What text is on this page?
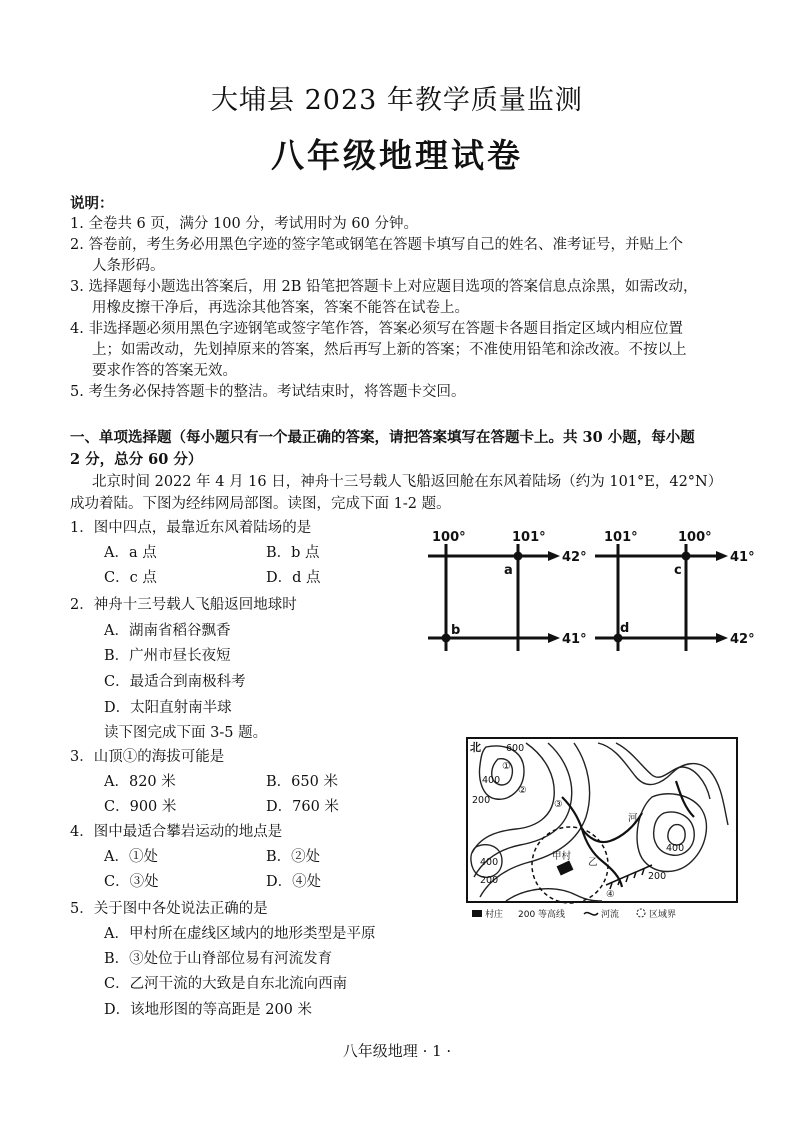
大埔县 2023 年教学质量监测
八年级地理试卷
说明：
1. 全卷共 6 页，满分 100 分，考试用时为 60 分钟。
2. 答卷前，考生务必用黑色字迹的签字笔或钢笔在答题卡填写自己的姓名、准考证号，并贴上个
人条形码。
3. 选择题每小题选出答案后，用 2B 铅笔把答题卡上对应题目选项的答案信息点涂黑，如需改动，
用橡皮擦干净后，再选涂其他答案，答案不能答在试卷上。
4. 非选择题必须用黑色字迹钢笔或签字笔作答，答案必须写在答题卡各题目指定区域内相应位置
上；如需改动，先划掉原来的答案，然后再写上新的答案；不准使用铅笔和涂改液。不按以上
要求作答的答案无效。
5. 考生务必保持答题卡的整洁。考试结束时，将答题卡交回。
一、单项选择题（每小题只有一个最正确的答案，请把答案填写在答题卡上。共 30 小题，每小题
2 分，总分 60 分）
北京时间 2022 年 4 月 16 日，神舟十三号载人飞船返回舱在东风着陆场（约为 101°E，42°N）
成功着陆。下图为经纬网局部图。读图，完成下面 1-2 题。
1．图中四点，最靠近东风着陆场的是
A．a 点	B．b 点
C．c 点	D．d 点
2．神舟十三号载人飞船返回地球时
A．湖南省稻谷飘香
B．广州市昼长夜短
C．最适合到南极科考
D．太阳直射南半球
读下图完成下面 3-5 题。
3．山顶①的海拔可能是
A．820 米	B．650 米
C．900 米	D．760 米
4．图中最适合攀岩运动的地点是
A．①处	B．②处
C．③处	D．④处
5．关于图中各处说法正确的是
A．甲村所在虚线区域内的地形类型是平原
B．③处位于山脊部位易有河流发育
C．乙河干流的大致是自东北流向西南
D．该地形图的等高距是 200 米
100°	101°
42°
41°
a
b
101°	100°
41°
42°
c
d
北	600
400
200
400
200
400
200
①
②
③
④
河
甲村
乙
村庄 200 等高线	河流	区域界
八年级地理 · 1 ·
